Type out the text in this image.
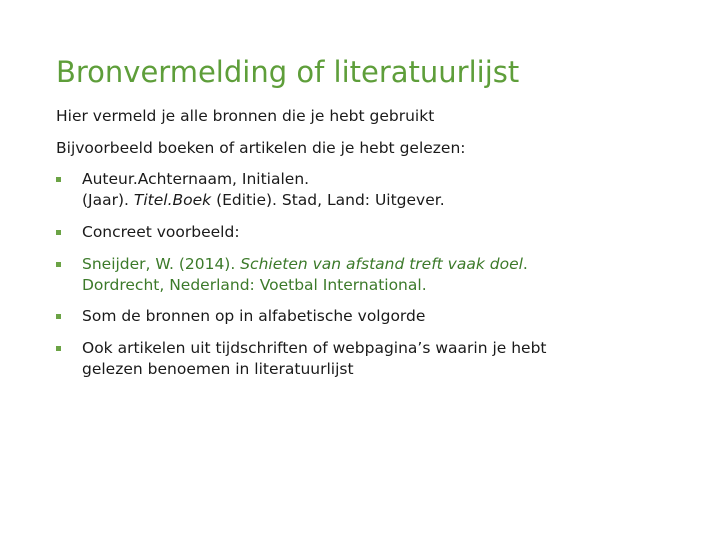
Bronvermelding of literatuurlijst
Hier vermeld je alle bronnen die je hebt gebruikt
Bijvoorbeeld boeken of artikelen die je hebt gelezen:
Auteur.Achternaam, Initialen.
(Jaar). Titel.Boek (Editie). Stad, Land: Uitgever.
Concreet voorbeeld:
Sneijder, W. (2014). Schieten van afstand treft vaak doel.
Dordrecht, Nederland: Voetbal International.
Som de bronnen op in alfabetische volgorde
Ook artikelen uit tijdschriften of webpagina’s waarin je hebt
gelezen benoemen in literatuurlijst
